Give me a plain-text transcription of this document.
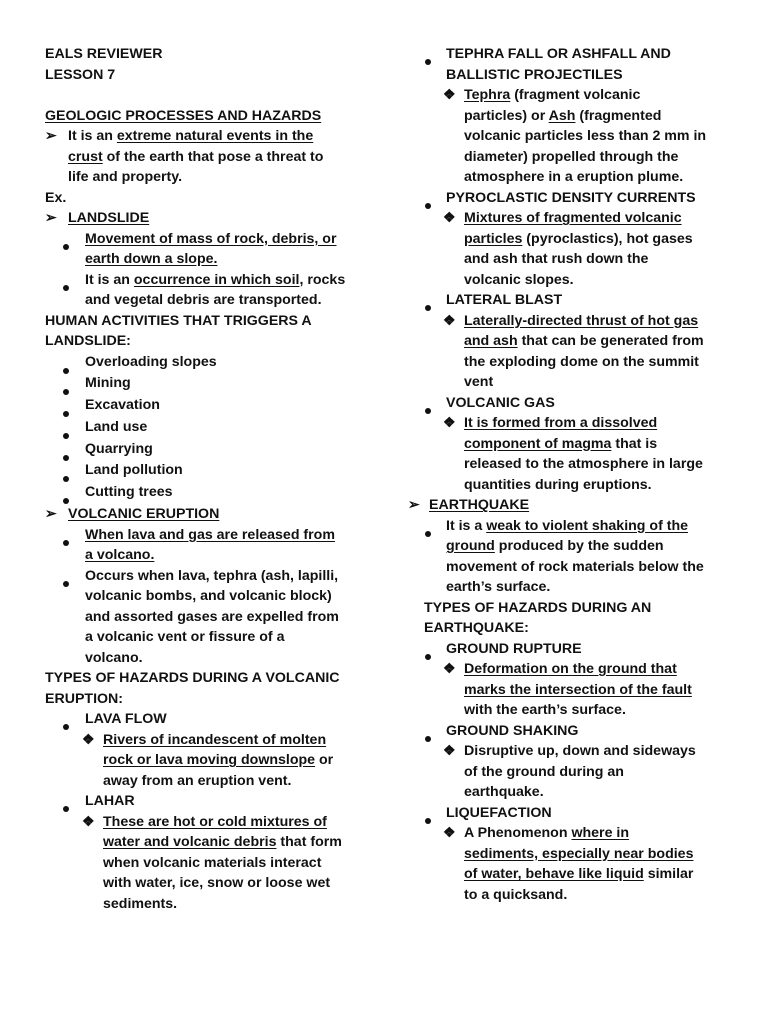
EALS REVIEWER
LESSON 7
GEOLOGIC PROCESSES AND HAZARDS
➢ It is an extreme natural events in the
crust of the earth that pose a threat to
life and property.
Ex.
➢ LANDSLIDE
Movement of mass of rock, debris, or
earth down a slope.
It is an occurrence in which soil, rocks
and vegetal debris are transported.
HUMAN ACTIVITIES THAT TRIGGERS A
LANDSLIDE:
Overloading slopes
Mining
Excavation
Land use
Quarrying
Land pollution
Cutting trees
➢ VOLCANIC ERUPTION
When lava and gas are released from
a volcano.
Occurs when lava, tephra (ash, lapilli,
volcanic bombs, and volcanic block)
and assorted gases are expelled from
a volcanic vent or fissure of a
volcano.
TYPES OF HAZARDS DURING A VOLCANIC
ERUPTION:
LAVA FLOW
❖ Rivers of incandescent of molten
rock or lava moving downslope or
away from an eruption vent.
LAHAR
❖ These are hot or cold mixtures of
water and volcanic debris that form
when volcanic materials interact
with water, ice, snow or loose wet
sediments.
TEPHRA FALL OR ASHFALL AND
BALLISTIC PROJECTILES
❖ Tephra (fragment volcanic
particles) or Ash (fragmented
volcanic particles less than 2 mm in
diameter) propelled through the
atmosphere in a eruption plume.
PYROCLASTIC DENSITY CURRENTS
❖ Mixtures of fragmented volcanic
particles (pyroclastics), hot gases
and ash that rush down the
volcanic slopes.
LATERAL BLAST
❖ Laterally-directed thrust of hot gas
and ash that can be generated from
the exploding dome on the summit
vent
VOLCANIC GAS
❖ It is formed from a dissolved
component of magma that is
released to the atmosphere in large
quantities during eruptions.
➢ EARTHQUAKE
It is a weak to violent shaking of the
ground produced by the sudden
movement of rock materials below the
earth’s surface.
TYPES OF HAZARDS DURING AN
EARTHQUAKE:
GROUND RUPTURE
❖ Deformation on the ground that
marks the intersection of the fault
with the earth’s surface.
GROUND SHAKING
❖ Disruptive up, down and sideways
of the ground during an
earthquake.
LIQUEFACTION
❖ A Phenomenon where in
sediments, especially near bodies
of water, behave like liquid similar
to a quicksand.
